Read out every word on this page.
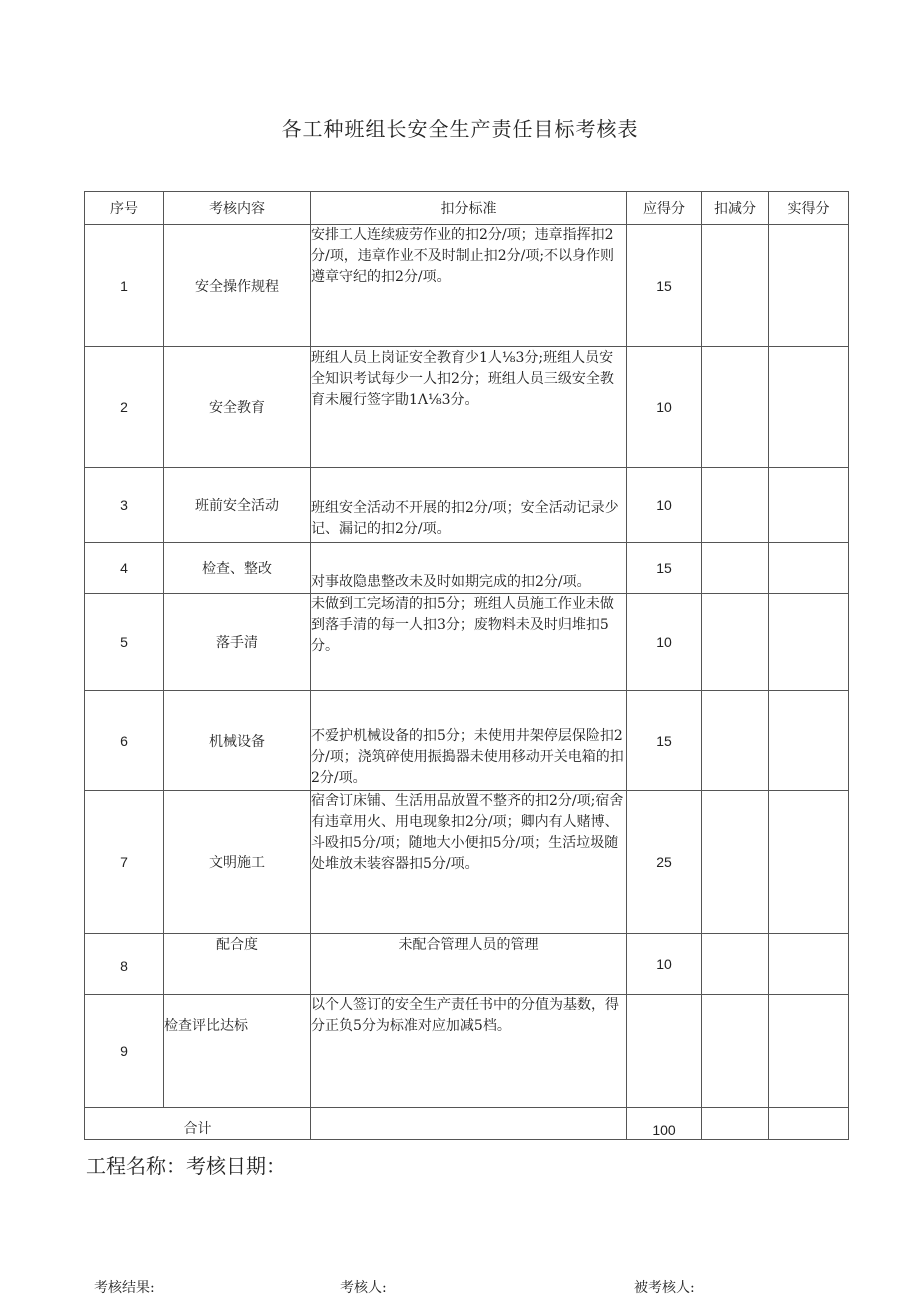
各工种班组长安全生产责任目标考核表
序号	考核内容	扣分标准	应得分	扣减分	实得分
1	安全操作规程	安排工人连续疲劳作业的扣2分/项；违章指挥扣2分/项，违章作业不及时制止扣2分/项;不以身作则遵章守纪的扣2分/项。	15		
2	安全教育	班组人员上岗证安全教育少1人⅛3分;班组人员安全知识考试每少一人扣2分；班组人员三级安全教育未履行签字勖1Λ⅛3分。	10		
3	班前安全活动	班组安全活动不开展的扣2分/项；安全活动记录少记、漏记的扣2分/项。	10		
4	检查、整改	对事故隐患整改未及时如期完成的扣2分/项。	15		
5	落手清	未做到工完场清的扣5分；班组人员施工作业未做到落手清的每一人扣3分；废物料未及时归堆扣5分。	10		
6	机械设备	不爱护机械设备的扣5分；未使用井架停层保险扣2分/项；浇筑碎使用振搗器未使用移动开关电箱的扣2分/项。	15		
7	文明施工	宿舍订床铺、生活用品放置不整齐的扣2分/项;宿舍有违章用火、用电现象扣2分/项；卿内有人赌博、斗殴扣5分/项；随地大小便扣5分/项；生活垃圾随处堆放未装容器扣5分/项。	25		
8	配合度	未配合管理人员的管理	10		
9	检查评比达标	以个人签订的安全生产责任书中的分值为基数，得分正负5分为标准对应加减5档。			
合计			100		
工程名称：考核日期：
考核结果:	考核人:	被考核人:
